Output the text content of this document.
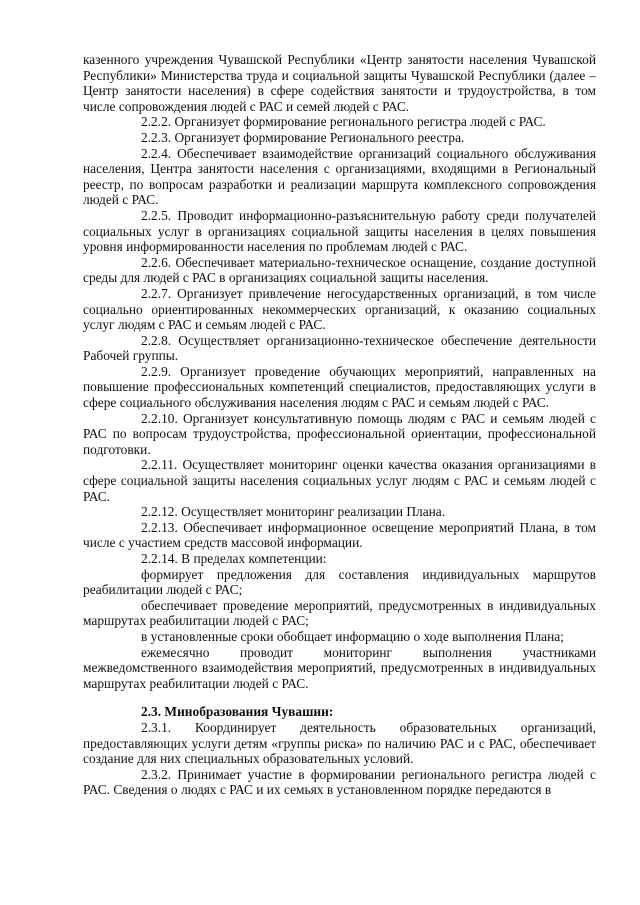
казенного учреждения Чувашской Республики «Центр занятости населения Чувашской Республики» Министерства труда и социальной защиты Чувашской Республики (далее – Центр занятости населения) в сфере содействия занятости и трудоустройства, в том числе сопровождения людей с РАС и семей людей с РАС.

2.2.2. Организует формирование регионального регистра людей с РАС.

2.2.3. Организует формирование Регионального реестра.

2.2.4. Обеспечивает взаимодействие организаций социального обслуживания населения, Центра занятости населения с организациями, входящими в Региональный реестр, по вопросам разработки и реализации маршрута комплексного сопровождения людей с РАС.

2.2.5. Проводит информационно-разъяснительную работу среди получателей социальных услуг в организациях социальной защиты населения в целях повышения уровня информированности населения по проблемам людей с РАС.

2.2.6. Обеспечивает материально-техническое оснащение, создание доступной среды для людей с РАС в организациях социальной защиты населения.

2.2.7. Организует привлечение негосударственных организаций, в том числе социально ориентированных некоммерческих организаций, к оказанию социальных услуг людям с РАС и семьям людей с РАС.

2.2.8. Осуществляет организационно-техническое обеспечение деятельности Рабочей группы.

2.2.9. Организует проведение обучающих мероприятий, направленных на повышение профессиональных компетенций специалистов, предоставляющих услуги в сфере социального обслуживания населения людям с РАС и семьям людей с РАС.

2.2.10. Организует консультативную помощь людям с РАС и семьям людей с РАС по вопросам трудоустройства, профессиональной ориентации, профессиональной подготовки.

2.2.11. Осуществляет мониторинг оценки качества оказания организациями в сфере социальной защиты населения социальных услуг людям с РАС и семьям людей с РАС.

2.2.12. Осуществляет мониторинг реализации Плана.

2.2.13. Обеспечивает информационное освещение мероприятий Плана, в том числе с участием средств массовой информации.

2.2.14. В пределах компетенции:

формирует предложения для составления индивидуальных маршрутов реабилитации людей с РАС;

обеспечивает проведение мероприятий, предусмотренных в индивидуальных маршрутах реабилитации людей с РАС;

в установленные сроки обобщает информацию о ходе выполнения Плана;

ежемесячно проводит мониторинг выполнения участниками межведомственного взаимодействия мероприятий, предусмотренных в индивидуальных маршрутах реабилитации людей с РАС.

2.3. Минобразования Чувашии:

2.3.1. Координирует деятельность образовательных организаций, предоставляющих услуги детям «группы риска» по наличию РАС и с РАС, обеспечивает создание для них специальных образовательных условий.

2.3.2. Принимает участие в формировании регионального регистра людей с РАС. Сведения о людях с РАС и их семьях в установленном порядке передаются в
